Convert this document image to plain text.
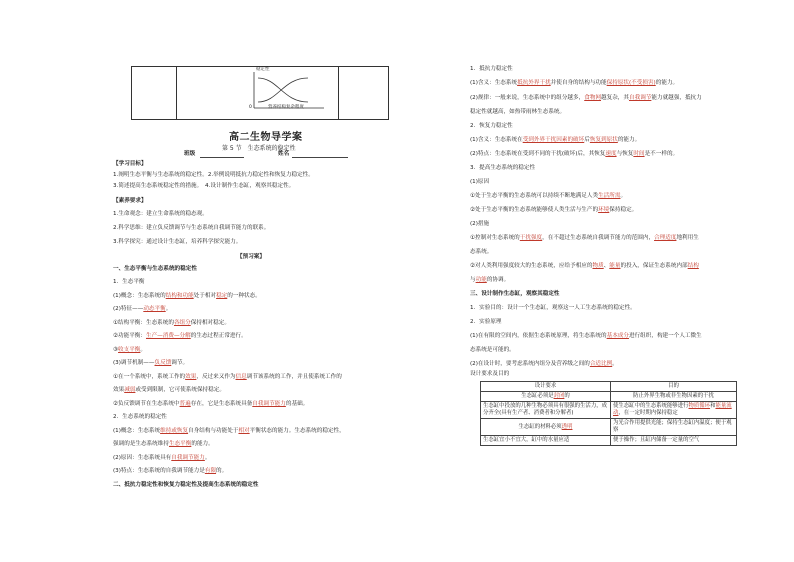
稳定性
营养结构复杂程度
0
高二生物导学案
第 5 节　生态系统的稳定性
班级	姓名
【学习目标】
1.阐明生态平衡与生态系统的稳定性。2.举例说明抵抗力稳定性和恢复力稳定性。
3.简述提高生态系统稳定性的措施。　4.设计制作生态缸，观察其稳定性。
【素养要求】
1.生命观念：建立生命系统的稳态观。
2.科学思维：建立负反馈调节与生态系统自我调节能力的联系。
3.科学探究：通过设计生态缸，培养科学探究能力。
【预习案】
一、生态平衡与生态系统的稳定性
1．生态平衡
(1)概念：生态系统的结构和功能处于相对稳定的一种状态。
(2)特征——动态平衡。
①结构平衡：生态系统的各组分保持相对稳定。
②功能平衡：生产—消费—分解的生态过程正常进行。
③收支平衡。
(3)调节机制——负反馈调节。
①在一个系统中，系统工作的效果，反过来又作为信息调节该系统的工作，并且使系统工作的
效果减弱或受到限制，它可使系统保持稳定。
②负反馈调节在生态系统中普遍存在，它是生态系统具备自我调节能力的基础。
2．生态系统的稳定性
(1)概念：生态系统维持或恢复自身结构与功能处于相对平衡状态的能力。生态系统的稳定性，
强调的是生态系统维持生态平衡的能力。
(2)原因：生态系统具有自我调节能力。
(3)特点：生态系统的自我调节能力是有限的。
二、抵抗力稳定性和恢复力稳定性及提高生态系统的稳定性
1．抵抗力稳定性
(1)含义：生态系统抵抗外界干扰并使自身的结构与功能保持原状(不受损害)的能力。
(2)规律：一般来说，生态系统中的组分越多，食物网越复杂，其自我调节能力就越强，抵抗力
稳定性就越高，如热带雨林生态系统。
2．恢复力稳定性
(1)含义：生态系统在受到外界干扰因素的破坏后恢复到原状的能力。
(2)特点：生态系统在受到不同的干扰(破坏)后，其恢复速度与恢复时间是不一样的。
3．提高生态系统的稳定性
(1)原因
①处于生态平衡的生态系统可以持续不断地满足人类生活所需。
②处于生态平衡的生态系统能够使人类生活与生产的环境保持稳定。
(2)措施
①控制对生态系统的干扰强度，在不超过生态系统自我调节能力的范围内，合理适度地利用生
态系统。
②对人类利用强度较大的生态系统，应给予相应的物质、能量的投入，保证生态系统内部结构
与功能的协调。
三、设计制作生态缸，观察其稳定性
1．实验目的：设计一个生态缸，观察这一人工生态系统的稳定性。
2．实验原理
(1)在有限的空间内，依据生态系统原理，将生态系统的基本成分进行组织，构建一个人工微生
态系统是可能的。
(2)在设计时，要考虑系统内组分及营养级之间的合适比例。
设计要求及目的
设计要求	目的
生态缸必须是封闭的	防止外界生物或非生物因素的干扰
生态缸中投放的几种生物必须具有很强的生活力，成分齐全(具有生产者、消费者和分解者)	使生态缸中的生态系统能够进行物质循环和能量流动，在一定时期内保持稳定
生态缸的材料必须透明	为光合作用提供光能；保持生态缸内温度；便于观察
生态缸宜小不宜大，缸中的水量应适	便于操作；且缸内储备一定量的空气
